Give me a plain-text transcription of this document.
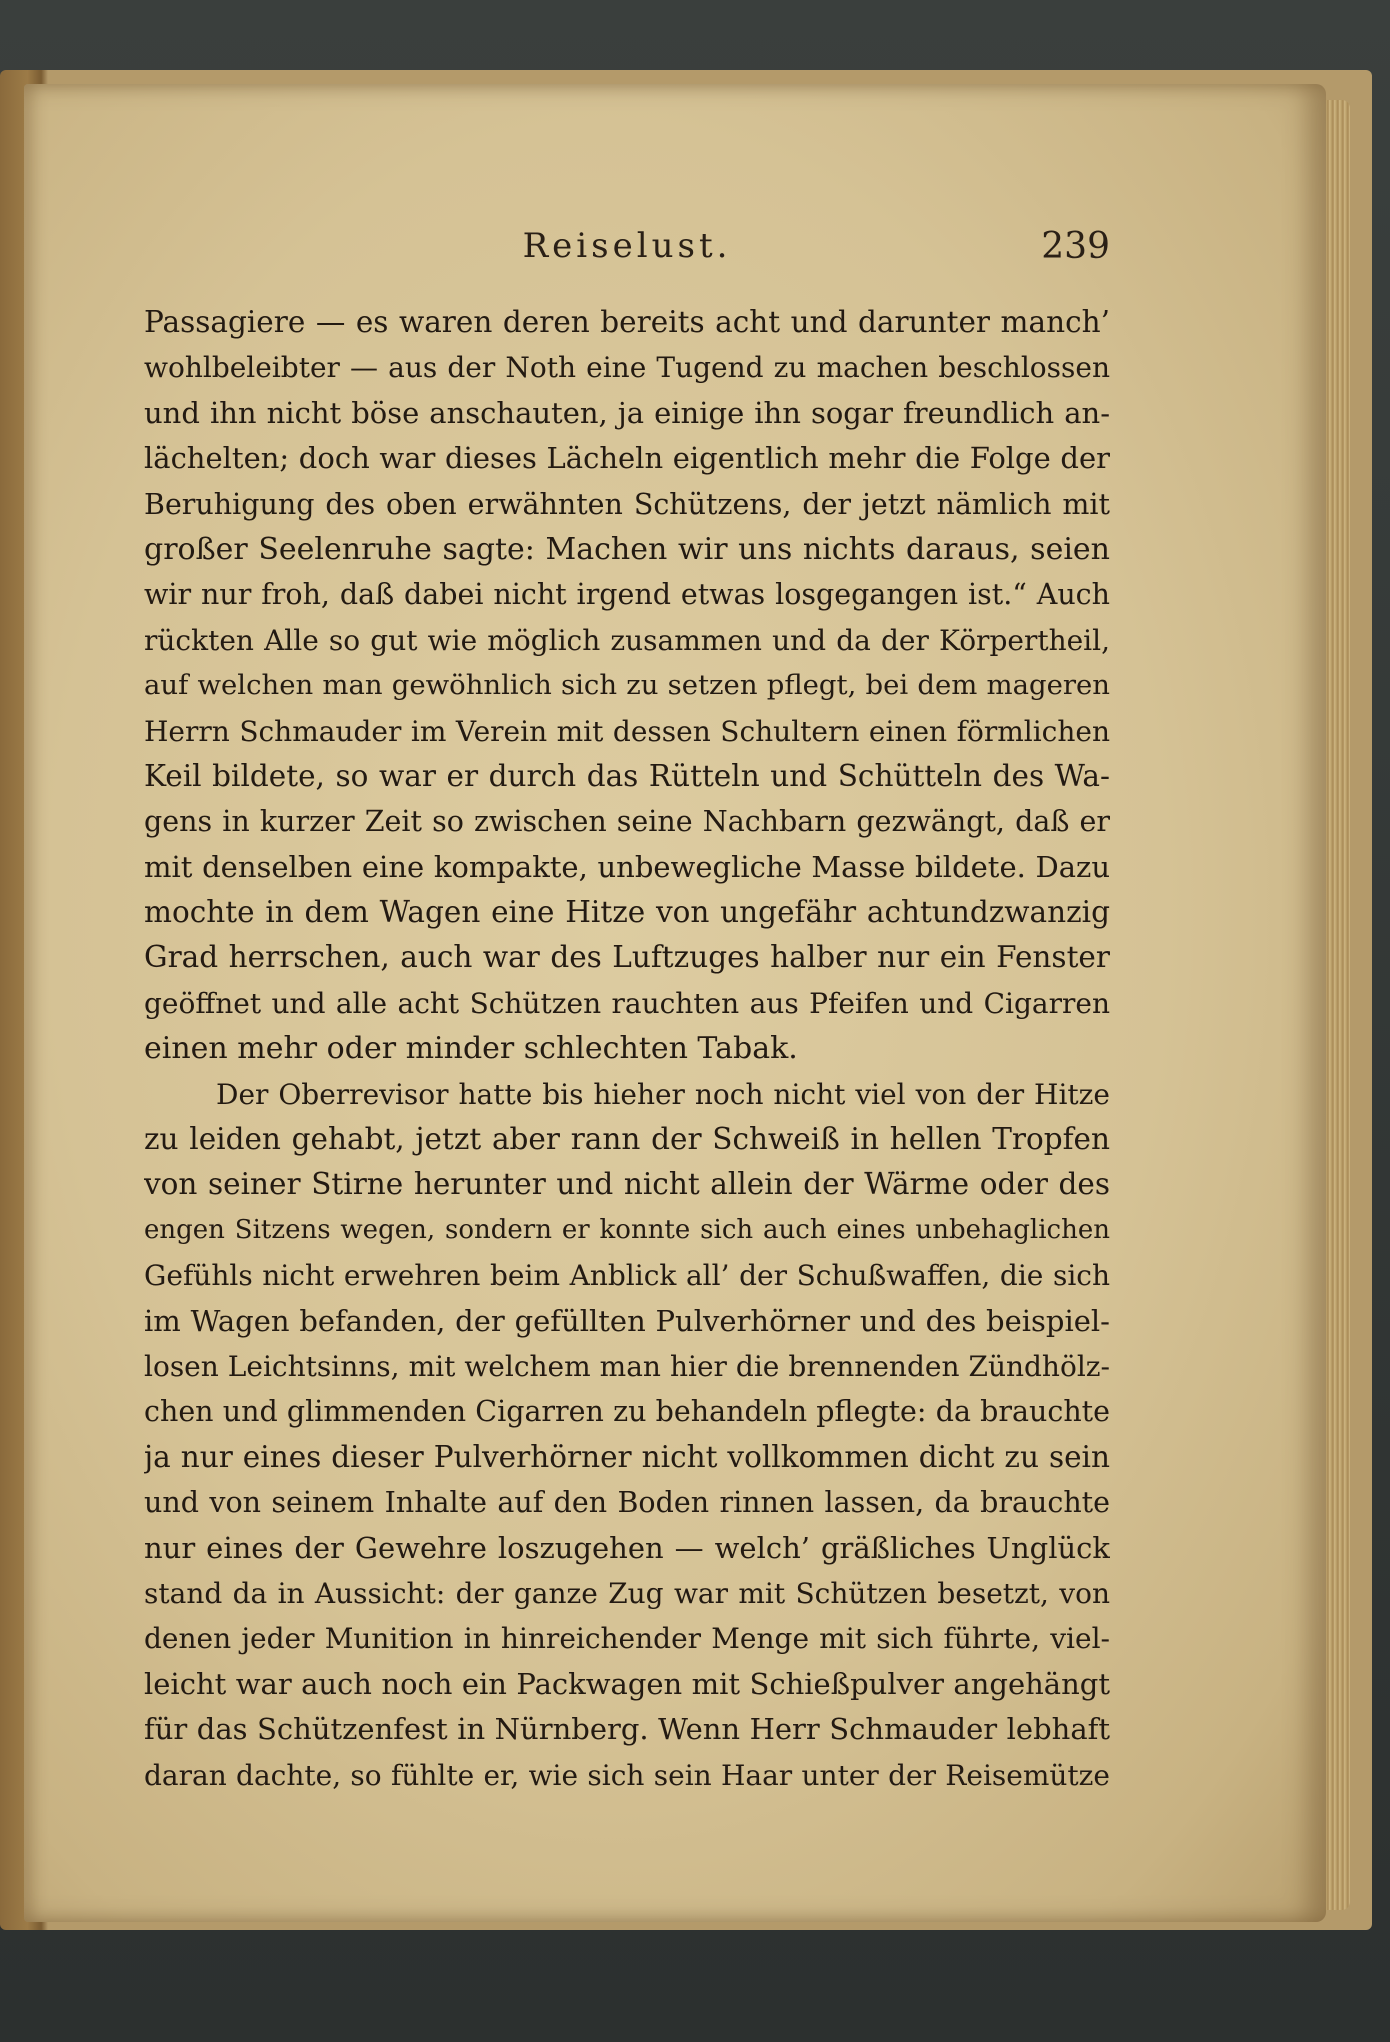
Reiselust.	239
Passagiere — es waren deren bereits acht und darunter manch’
wohlbeleibter — aus der Noth eine Tugend zu machen beschlossen
und ihn nicht böse anschauten, ja einige ihn sogar freundlich an-
lächelten; doch war dieses Lächeln eigentlich mehr die Folge der
Beruhigung des oben erwähnten Schützens, der jetzt nämlich mit
großer Seelenruhe sagte: Machen wir uns nichts daraus, seien
wir nur froh, daß dabei nicht irgend etwas losgegangen ist.“ Auch
rückten Alle so gut wie möglich zusammen und da der Körpertheil,
auf welchen man gewöhnlich sich zu setzen pflegt, bei dem mageren
Herrn Schmauder im Verein mit dessen Schultern einen förmlichen
Keil bildete, so war er durch das Rütteln und Schütteln des Wa-
gens in kurzer Zeit so zwischen seine Nachbarn gezwängt, daß er
mit denselben eine kompakte, unbewegliche Masse bildete. Dazu
mochte in dem Wagen eine Hitze von ungefähr achtundzwanzig
Grad herrschen, auch war des Luftzuges halber nur ein Fenster
geöffnet und alle acht Schützen rauchten aus Pfeifen und Cigarren
einen mehr oder minder schlechten Tabak.
Der Oberrevisor hatte bis hieher noch nicht viel von der Hitze
zu leiden gehabt, jetzt aber rann der Schweiß in hellen Tropfen
von seiner Stirne herunter und nicht allein der Wärme oder des
engen Sitzens wegen, sondern er konnte sich auch eines unbehaglichen
Gefühls nicht erwehren beim Anblick all’ der Schußwaffen, die sich
im Wagen befanden, der gefüllten Pulverhörner und des beispiel-
losen Leichtsinns, mit welchem man hier die brennenden Zündhölz-
chen und glimmenden Cigarren zu behandeln pflegte: da brauchte
ja nur eines dieser Pulverhörner nicht vollkommen dicht zu sein
und von seinem Inhalte auf den Boden rinnen lassen, da brauchte
nur eines der Gewehre loszugehen — welch’ gräßliches Unglück
stand da in Aussicht: der ganze Zug war mit Schützen besetzt, von
denen jeder Munition in hinreichender Menge mit sich führte, viel-
leicht war auch noch ein Packwagen mit Schießpulver angehängt
für das Schützenfest in Nürnberg. Wenn Herr Schmauder lebhaft
daran dachte, so fühlte er, wie sich sein Haar unter der Reisemütze
